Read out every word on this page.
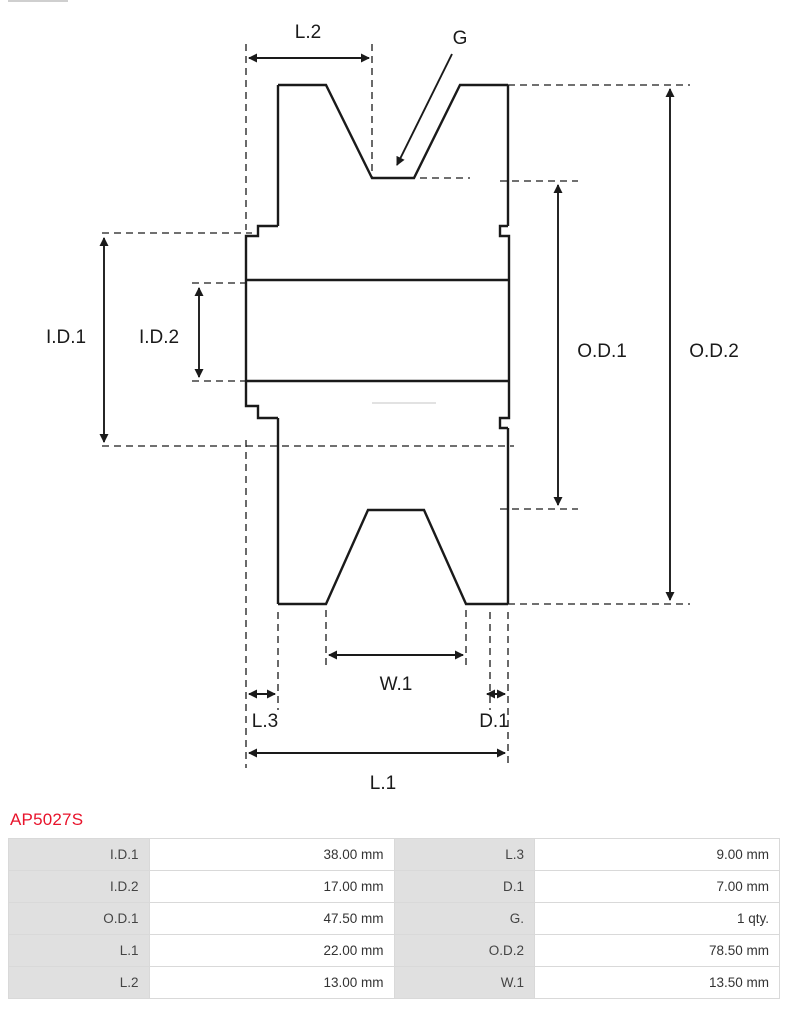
L.2	G
O.D.2
O.D.1
I.D.1	I.D.2
W.1
L.3	D.1
L.1
AP5027S
I.D.1	38.00 mm	L.3	9.00 mm
I.D.2	17.00 mm	D.1	7.00 mm
O.D.1	47.50 mm	G.	1 qty.
L.1	22.00 mm	O.D.2	78.50 mm
L.2	13.00 mm	W.1	13.50 mm
